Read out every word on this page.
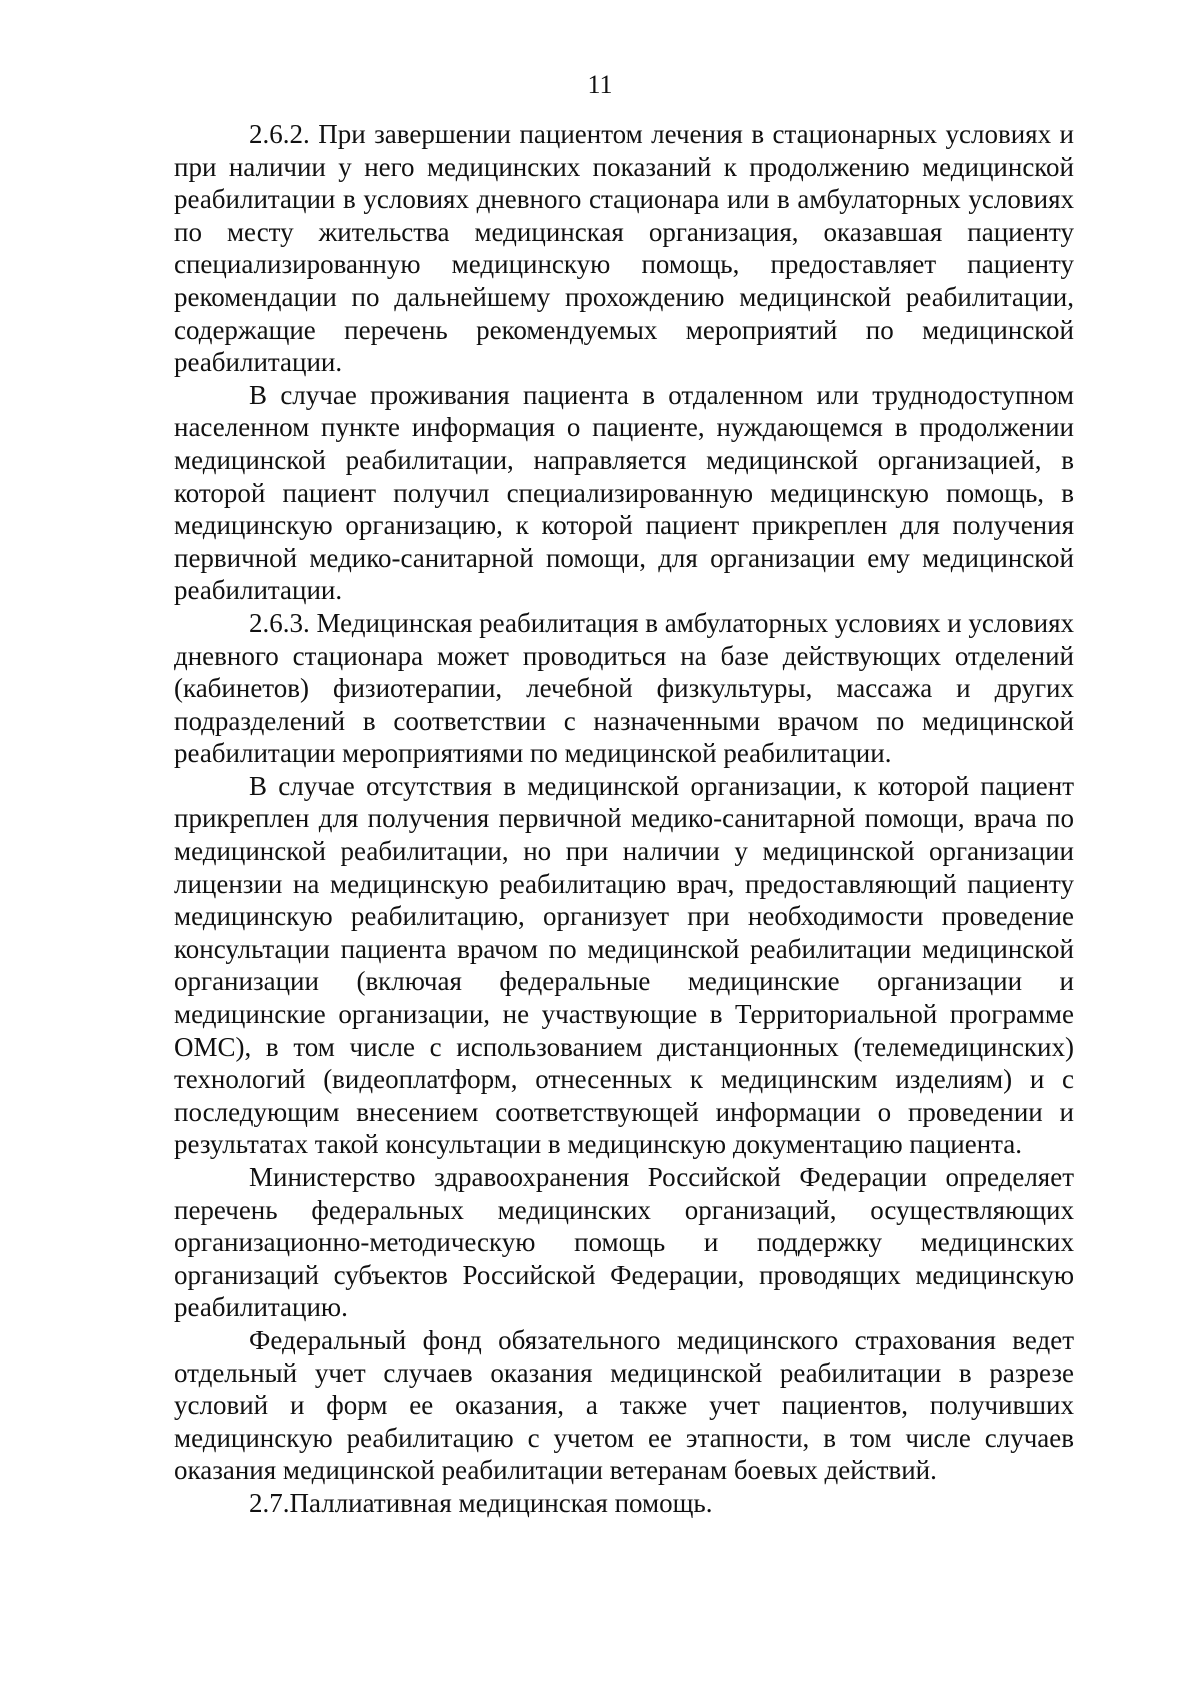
11

2.6.2. При завершении пациентом лечения в стационарных условиях и при наличии у него медицинских показаний к продолжению медицинской реабилитации в условиях дневного стационара или в амбулаторных условиях по месту жительства медицинская организация, оказавшая пациенту специализированную медицинскую помощь, предоставляет пациенту рекомендации по дальнейшему прохождению медицинской реабилитации, содержащие перечень рекомендуемых мероприятий по медицинской реабилитации.

В случае проживания пациента в отдаленном или труднодоступном населенном пункте информация о пациенте, нуждающемся в продолжении медицинской реабилитации, направляется медицинской организацией, в которой пациент получил специализированную медицинскую помощь, в медицинскую организацию, к которой пациент прикреплен для получения первичной медико-санитарной помощи, для организации ему медицинской реабилитации.

2.6.3. Медицинская реабилитация в амбулаторных условиях и условиях дневного стационара может проводиться на базе действующих отделений (кабинетов) физиотерапии, лечебной физкультуры, массажа и других подразделений в соответствии с назначенными врачом по медицинской реабилитации мероприятиями по медицинской реабилитации.

В случае отсутствия в медицинской организации, к которой пациент прикреплен для получения первичной медико-санитарной помощи, врача по медицинской реабилитации, но при наличии у медицинской организации лицензии на медицинскую реабилитацию врач, предоставляющий пациенту медицинскую реабилитацию, организует при необходимости проведение консультации пациента врачом по медицинской реабилитации медицинской организации (включая федеральные медицинские организации и медицинские организации, не участвующие в Территориальной программе ОМС), в том числе с использованием дистанционных (телемедицинских) технологий (видеоплатформ, отнесенных к медицинским изделиям) и с последующим внесением соответствующей информации о проведении и результатах такой консультации в медицинскую документацию пациента.

Министерство здравоохранения Российской Федерации определяет перечень федеральных медицинских организаций, осуществляющих организационно-методическую помощь и поддержку медицинских организаций субъектов Российской Федерации, проводящих медицинскую реабилитацию.

Федеральный фонд обязательного медицинского страхования ведет отдельный учет случаев оказания медицинской реабилитации в разрезе условий и форм ее оказания, а также учет пациентов, получивших медицинскую реабилитацию с учетом ее этапности, в том числе случаев оказания медицинской реабилитации ветеранам боевых действий.

2.7.Паллиативная медицинская помощь.
